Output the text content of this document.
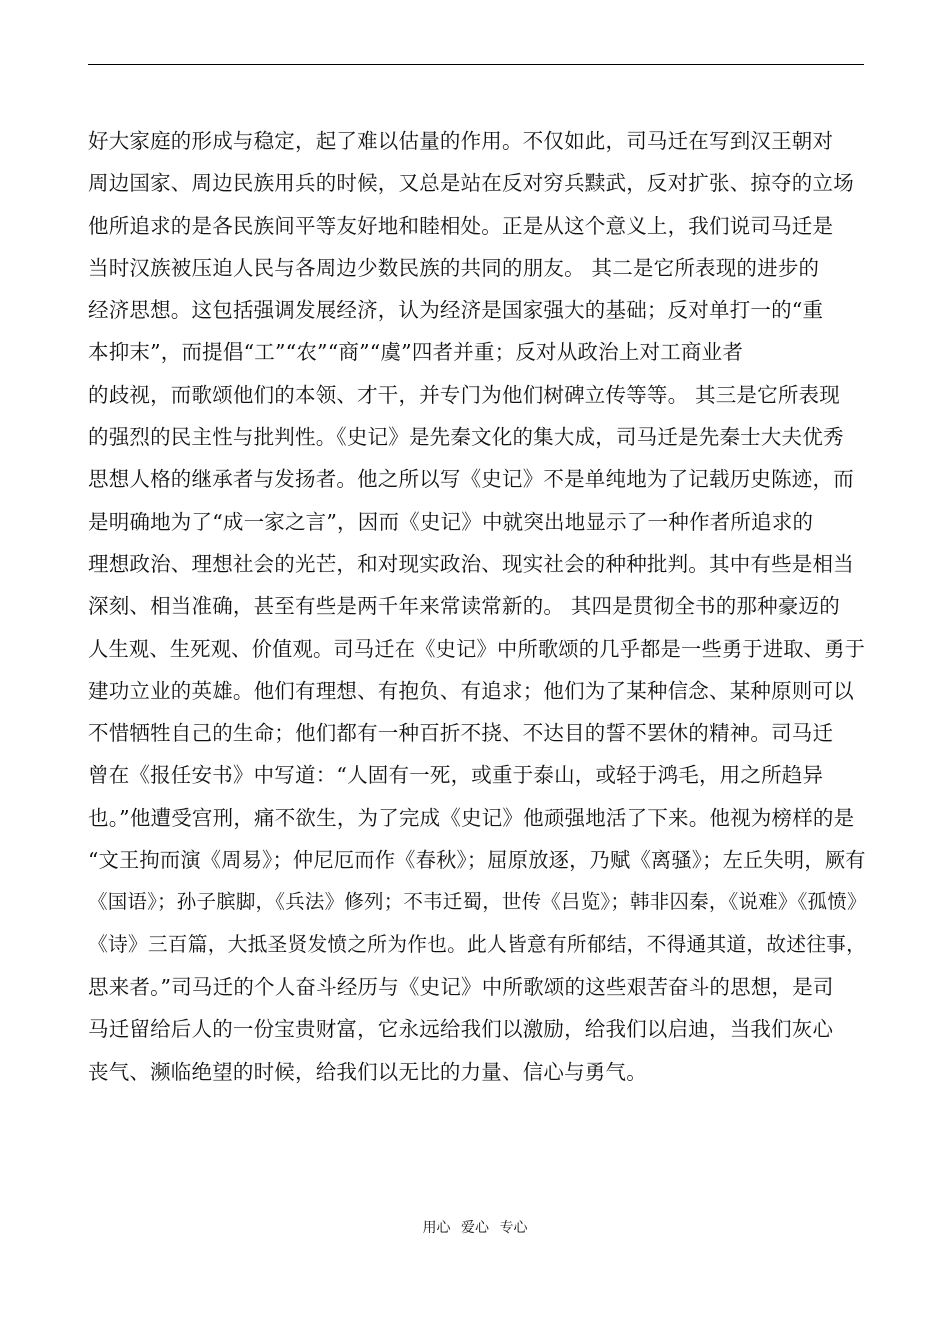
好大家庭的形成与稳定，起了难以估量的作用。不仅如此，司马迁在写到汉王朝对
周边国家、周边民族用兵的时候，又总是站在反对穷兵黩武，反对扩张、掠夺的立场
他所追求的是各民族间平等友好地和睦相处。正是从这个意义上，我们说司马迁是
当时汉族被压迫人民与各周边少数民族的共同的朋友。 其二是它所表现的进步的
经济思想。这包括强调发展经济，认为经济是国家强大的基础；反对单打一的“重
本抑末”，而提倡“工”“农”“商”“虞”四者并重；反对从政治上对工商业者
的歧视，而歌颂他们的本领、才干，并专门为他们树碑立传等等。 其三是它所表现
的强烈的民主性与批判性。《史记》是先秦文化的集大成，司马迁是先秦士大夫优秀
思想人格的继承者与发扬者。他之所以写《史记》不是单纯地为了记载历史陈迹，而
是明确地为了“成一家之言”，因而《史记》中就突出地显示了一种作者所追求的
理想政治、理想社会的光芒，和对现实政治、现实社会的种种批判。其中有些是相当
深刻、相当准确，甚至有些是两千年来常读常新的。 其四是贯彻全书的那种豪迈的
人生观、生死观、价值观。司马迁在《史记》中所歌颂的几乎都是一些勇于进取、勇于
建功立业的英雄。他们有理想、有抱负、有追求；他们为了某种信念、某种原则可以
不惜牺牲自己的生命；他们都有一种百折不挠、不达目的誓不罢休的精神。司马迁
曾在《报任安书》中写道：“人固有一死，或重于泰山，或轻于鸿毛，用之所趋异
也。”他遭受宫刑，痛不欲生，为了完成《史记》他顽强地活了下来。他视为榜样的是
“文王拘而演《周易》；仲尼厄而作《春秋》；屈原放逐，乃赋《离骚》；左丘失明，厥有
《国语》；孙子膑脚，《兵法》修列；不韦迁蜀，世传《吕览》；韩非囚秦，《说难》《孤愤》
《诗》三百篇，大抵圣贤发愤之所为作也。此人皆意有所郁结，不得通其道，故述往事，
思来者。”司马迁的个人奋斗经历与《史记》中所歌颂的这些艰苦奋斗的思想，是司
马迁留给后人的一份宝贵财富，它永远给我们以激励，给我们以启迪，当我们灰心
丧气、濒临绝望的时候，给我们以无比的力量、信心与勇气。
用心 爱心 专心
